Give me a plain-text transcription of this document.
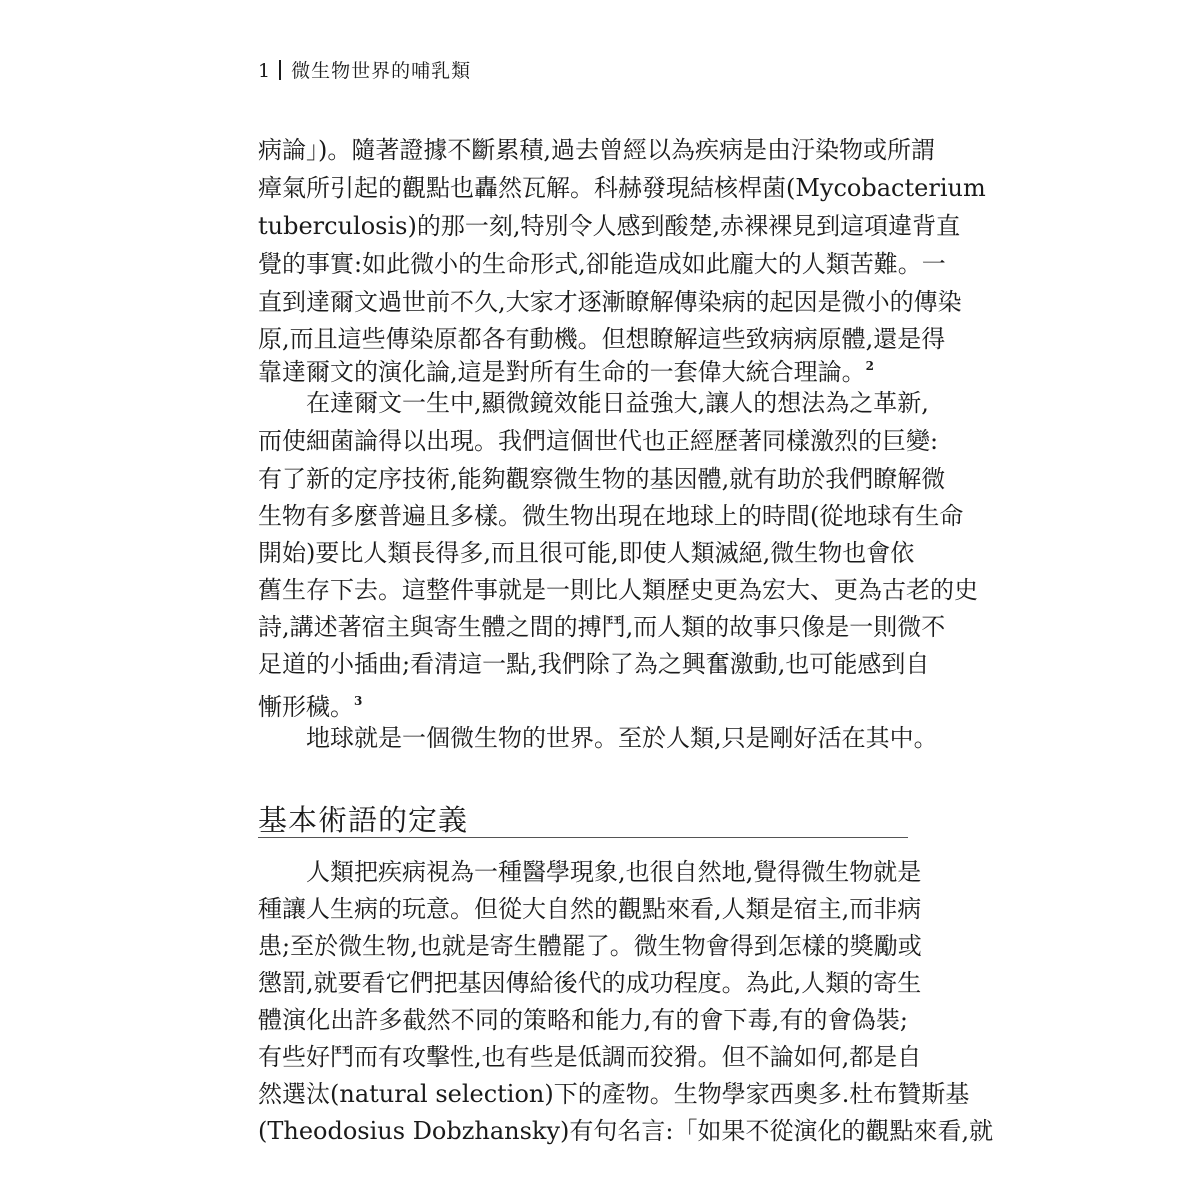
1 微生物世界的哺乳類
病論」)。隨著證據不斷累積,過去曾經以為疾病是由汙染物或所謂
瘴氣所引起的觀點也轟然瓦解。科赫發現結核桿菌(Mycobacterium
tuberculosis)的那一刻,特別令人感到酸楚,赤裸裸見到這項違背直
覺的事實:如此微小的生命形式,卻能造成如此龐大的人類苦難。一
直到達爾文過世前不久,大家才逐漸瞭解傳染病的起因是微小的傳染
原,而且這些傳染原都各有動機。但想瞭解這些致病病原體,還是得
靠達爾文的演化論,這是對所有生命的一套偉大統合理論。$^2$
在達爾文一生中,顯微鏡效能日益強大,讓人的想法為之革新,
而使細菌論得以出現。我們這個世代也正經歷著同樣激烈的巨變:
有了新的定序技術,能夠觀察微生物的基因體,就有助於我們瞭解微
生物有多麼普遍且多樣。微生物出現在地球上的時間(從地球有生命
開始)要比人類長得多,而且很可能,即使人類滅絕,微生物也會依
舊生存下去。這整件事就是一則比人類歷史更為宏大、更為古老的史
詩,講述著宿主與寄生體之間的搏鬥,而人類的故事只像是一則微不
足道的小插曲;看清這一點,我們除了為之興奮激動,也可能感到自
慚形穢。$^3$
地球就是一個微生物的世界。至於人類,只是剛好活在其中。
基本術語的定義
人類把疾病視為一種醫學現象,也很自然地,覺得微生物就是
種讓人生病的玩意。但從大自然的觀點來看,人類是宿主,而非病
患;至於微生物,也就是寄生體罷了。微生物會得到怎樣的獎勵或
懲罰,就要看它們把基因傳給後代的成功程度。為此,人類的寄生
體演化出許多截然不同的策略和能力,有的會下毒,有的會偽裝;
有些好鬥而有攻擊性,也有些是低調而狡猾。但不論如何,都是自
然選汰(natural selection)下的產物。生物學家西奧多.杜布贊斯基
(Theodosius Dobzhansky)有句名言:「如果不從演化的觀點來看,就
